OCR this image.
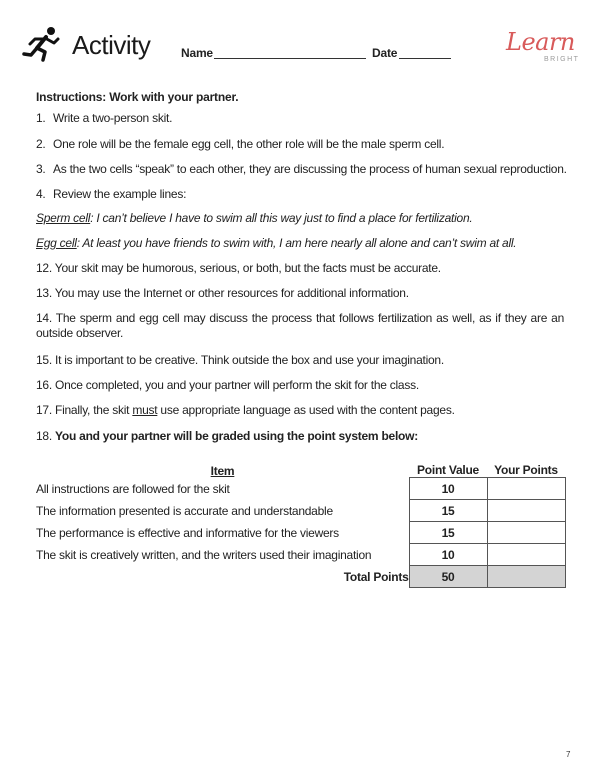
Activity	Name	Date	Learn
BRIGHT
Instructions: Work with your partner.
1. Write a two-person skit.
2. One role will be the female egg cell, the other role will be the male sperm cell.
3. As the two cells “speak” to each other, they are discussing the process of human sexual reproduction.
4. Review the example lines:
Sperm cell: I can’t believe I have to swim all this way just to find a place for fertilization.
Egg cell: At least you have friends to swim with, I am here nearly all alone and can’t swim at all.
12. Your skit may be humorous, serious, or both, but the facts must be accurate.
13. You may use the Internet or other resources for additional information.
14. The sperm and egg cell may discuss the process that follows fertilization as well, as if they are an outside observer.
15. It is important to be creative. Think outside the box and use your imagination.
16. Once completed, you and your partner will perform the skit for the class.
17. Finally, the skit must use appropriate language as used with the content pages.
18. You and your partner will be graded using the point system below:
Item	Point Value	Your Points
All instructions are followed for the skit	10	
The information presented is accurate and understandable	15	
The performance is effective and informative for the viewers	15	
The skit is creatively written, and the writers used their imagination	10	
Total Points	50	
7
